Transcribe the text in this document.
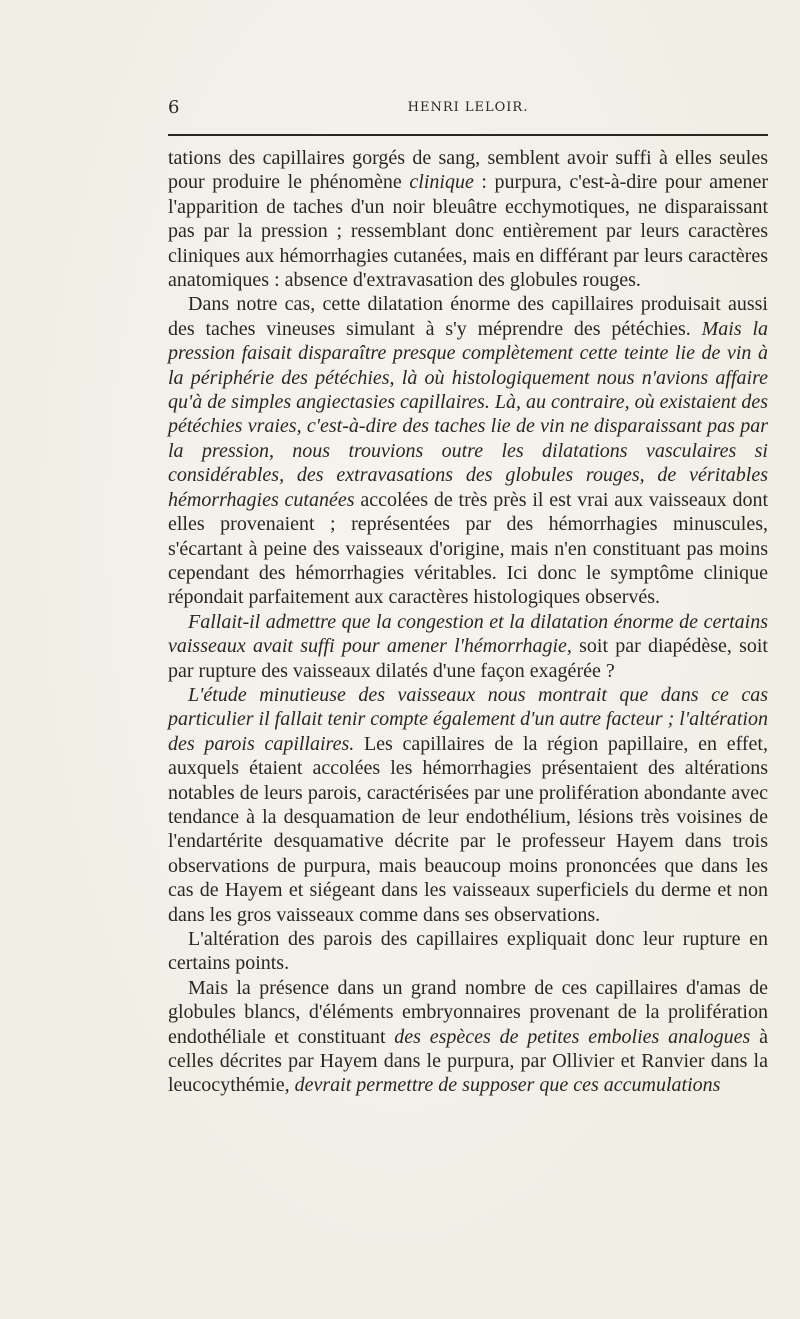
6	HENRI LELOIR.

tations des capillaires gorgés de sang, semblent avoir suffi à elles seules pour produire le phénomène clinique : purpura, c'est-à-dire pour amener l'apparition de taches d'un noir bleuâtre ecchymotiques, ne disparaissant pas par la pression ; ressemblant donc entièrement par leurs caractères cliniques aux hémorrhagies cutanées, mais en différant par leurs caractères anatomiques : absence d'extravasation des globules rouges.

Dans notre cas, cette dilatation énorme des capillaires produisait aussi des taches vineuses simulant à s'y méprendre des pétéchies. Mais la pression faisait disparaître presque complètement cette teinte lie de vin à la périphérie des pétéchies, là où histologiquement nous n'avions affaire qu'à de simples angiectasies capillaires. Là, au contraire, où existaient des pétéchies vraies, c'est-à-dire des taches lie de vin ne disparaissant pas par la pression, nous trouvions outre les dilatations vasculaires si considérables, des extravasations des globules rouges, de véritables hémorrhagies cutanées accolées de très près il est vrai aux vaisseaux dont elles provenaient ; représentées par des hémorrhagies minuscules, s'écartant à peine des vaisseaux d'origine, mais n'en constituant pas moins cependant des hémorrhagies véritables. Ici donc le symptôme clinique répondait parfaitement aux caractères histologiques observés.

Fallait-il admettre que la congestion et la dilatation énorme de certains vaisseaux avait suffi pour amener l'hémorrhagie, soit par diapédèse, soit par rupture des vaisseaux dilatés d'une façon exagérée ?

L'étude minutieuse des vaisseaux nous montrait que dans ce cas particulier il fallait tenir compte également d'un autre facteur ; l'altération des parois capillaires. Les capillaires de la région papillaire, en effet, auxquels étaient accolées les hémorrhagies présentaient des altérations notables de leurs parois, caractérisées par une prolifération abondante avec tendance à la desquamation de leur endothélium, lésions très voisines de l'endartérite desquamative décrite par le professeur Hayem dans trois observations de purpura, mais beaucoup moins prononcées que dans les cas de Hayem et siégeant dans les vaisseaux superficiels du derme et non dans les gros vaisseaux comme dans ses observations.

L'altération des parois des capillaires expliquait donc leur rupture en certains points.

Mais la présence dans un grand nombre de ces capillaires d'amas de globules blancs, d'éléments embryonnaires provenant de la prolifération endothéliale et constituant des espèces de petites embolies analogues à celles décrites par Hayem dans le purpura, par Ollivier et Ranvier dans la leucocythémie, devrait permettre de supposer que ces accumulations
